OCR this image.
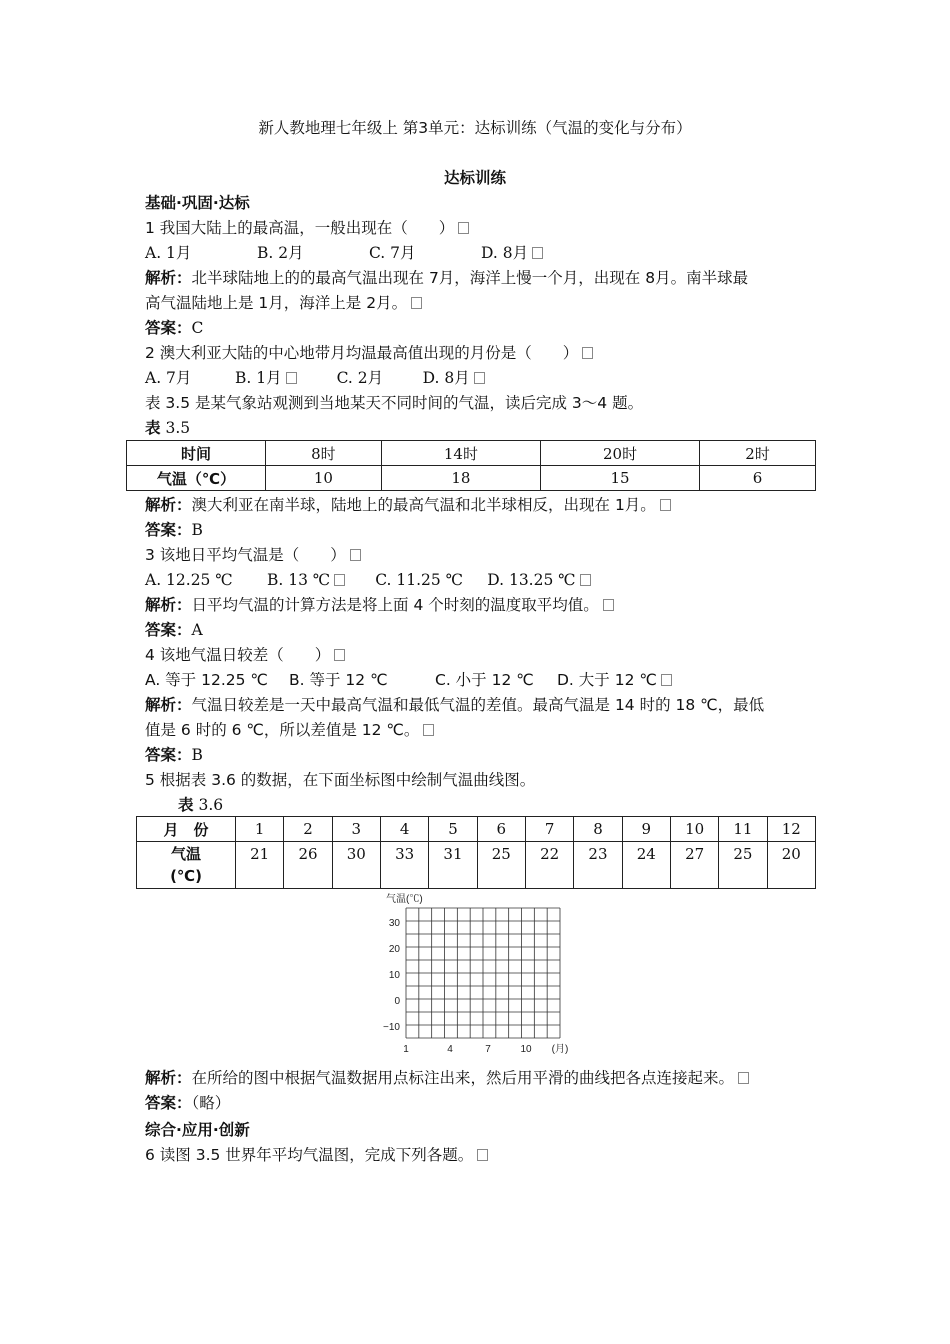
新人教地理七年级上 第3单元：达标训练（气温的变化与分布）
达标训练
基础·巩固·达标
1 我国大陆上的最高温，一般出现在（　　）
A. 1月	B. 2月	C. 7月	D. 8月
解析：北半球陆地上的的最高气温出现在 7月，海洋上慢一个月，出现在 8月。南半球最
高气温陆地上是 1月，海洋上是 2月。
答案：C
2 澳大利亚大陆的中心地带月均温最高值出现的月份是（　　）
A. 7月	B. 1月	C. 2月	D. 8月
表 3.5 是某气象站观测到当地某天不同时间的气温，读后完成 3～4 题。
表 3.5
时间	8时	14时	20时	2时
气温（℃）	10	18	15	6
解析：澳大利亚在南半球，陆地上的最高气温和北半球相反，出现在 1月。
答案：B
3 该地日平均气温是（　　）
A. 12.25 ℃ B. 13 ℃	C. 11.25 ℃ D. 13.25 ℃
解析：日平均气温的计算方法是将上面 4 个时刻的温度取平均值。
答案：A
4 该地气温日较差（　　）
A. 等于 12.25 ℃ B. 等于 12 ℃	C. 小于 12 ℃ D. 大于 12 ℃
解析：气温日较差是一天中最高气温和最低气温的差值。最高气温是 14 时的 18 ℃，最低
值是 6 时的 6 ℃，所以差值是 12 ℃。
答案：B
5 根据表 3.6 的数据，在下面坐标图中绘制气温曲线图。
表 3.6
月　份	1	2	3	4	5	6	7	8	9	10	11	12
气温
(℃)	21	26	30	33	31	25	22	23	24	27	25	20
气温(℃)
30
20
10
0
−10
1	4	7	10 (月)
解析：在所给的图中根据气温数据用点标注出来，然后用平滑的曲线把各点连接起来。
答案：（略）
综合·应用·创新
6 读图 3.5 世界年平均气温图，完成下列各题。
